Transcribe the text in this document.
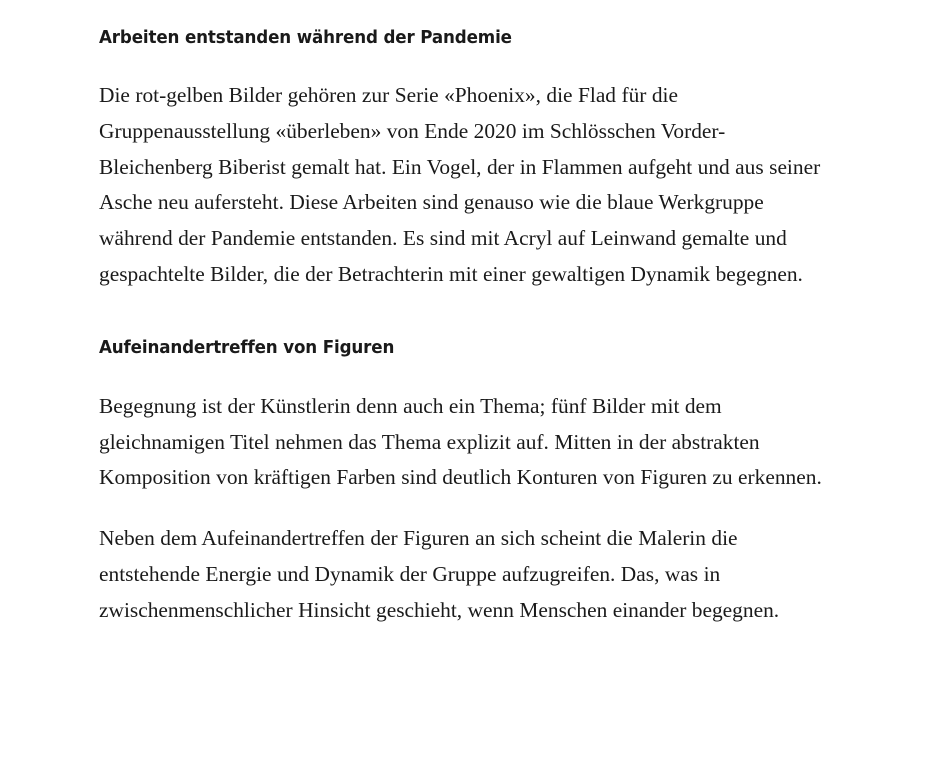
Arbeiten entstanden während der Pandemie

Die rot-gelben Bilder gehören zur Serie «Phoenix», die Flad für die Gruppenausstellung «überleben» von Ende 2020 im Schlösschen Vorder-Bleichenberg Biberist gemalt hat. Ein Vogel, der in Flammen aufgeht und aus seiner Asche neu aufersteht. Diese Arbeiten sind genauso wie die blaue Werkgruppe während der Pandemie entstanden. Es sind mit Acryl auf Leinwand gemalte und gespachtelte Bilder, die der Betrachterin mit einer gewaltigen Dynamik begegnen.

Aufeinandertreffen von Figuren

Begegnung ist der Künstlerin denn auch ein Thema; fünf Bilder mit dem gleichnamigen Titel nehmen das Thema explizit auf. Mitten in der abstrakten Komposition von kräftigen Farben sind deutlich Konturen von Figuren zu erkennen.

Neben dem Aufeinandertreffen der Figuren an sich scheint die Malerin die entstehende Energie und Dynamik der Gruppe aufzugreifen. Das, was in zwischenmenschlicher Hinsicht geschieht, wenn Menschen einander begegnen.
